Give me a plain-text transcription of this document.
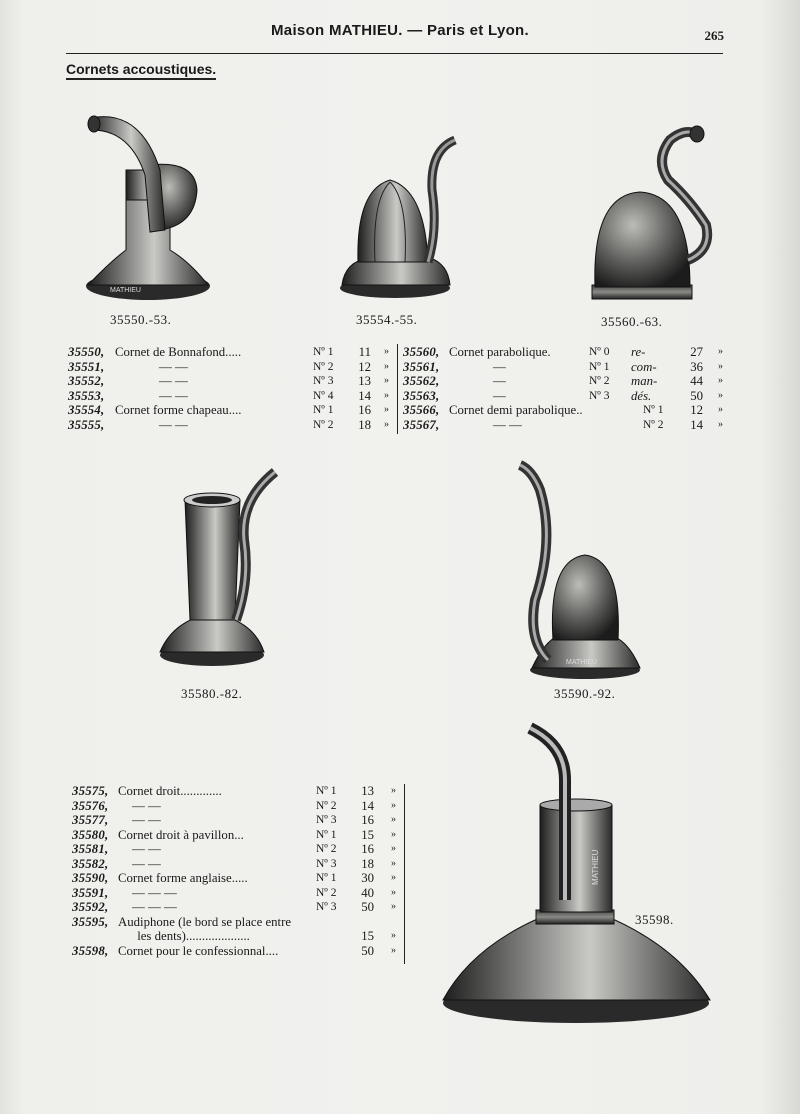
Maison MATHIEU. — Paris et Lyon.	265
Cornets accoustiques.
MATHIEU
MATHIEU
MATHIEU
35550.-53.	35554.-55.	35560.-63.
35580.-82.	35590.-92.
35598.
35550,	Cornet de Bonnafond.....	Nº 1	11	»
35551,	— —	Nº 2	12	»
35552,	— —	Nº 3	13	»
35553,	— —	Nº 4	14	»
35554,	Cornet forme chapeau....	Nº 1	16	»
35555,	— —	Nº 2	18	»
35560,	Cornet parabolique.	Nº 0	re-	27	»
35561,	—	Nº 1	com-	36	»
35562,	—	Nº 2	man-	44	»
35563,	—	Nº 3	dés.	50	»
35566,	Cornet demi parabolique..		Nº 1	12	»
35567,	— —		Nº 2	14	»
35575,	Cornet droit.............	Nº 1	13	»
35576,	— —	Nº 2	14	»
35577,	— —	Nº 3	16	»
35580,	Cornet droit à pavillon...	Nº 1	15	»
35581,	— —	Nº 2	16	»
35582,	— —	Nº 3	18	»
35590,	Cornet forme anglaise.....	Nº 1	30	»
35591,	— — —	Nº 2	40	»
35592,	— — —	Nº 3	50	»
35595,	Audiphone (le bord se place entre			
	les dents)....................		15	»
35598,	Cornet pour le confessionnal....		50	»
